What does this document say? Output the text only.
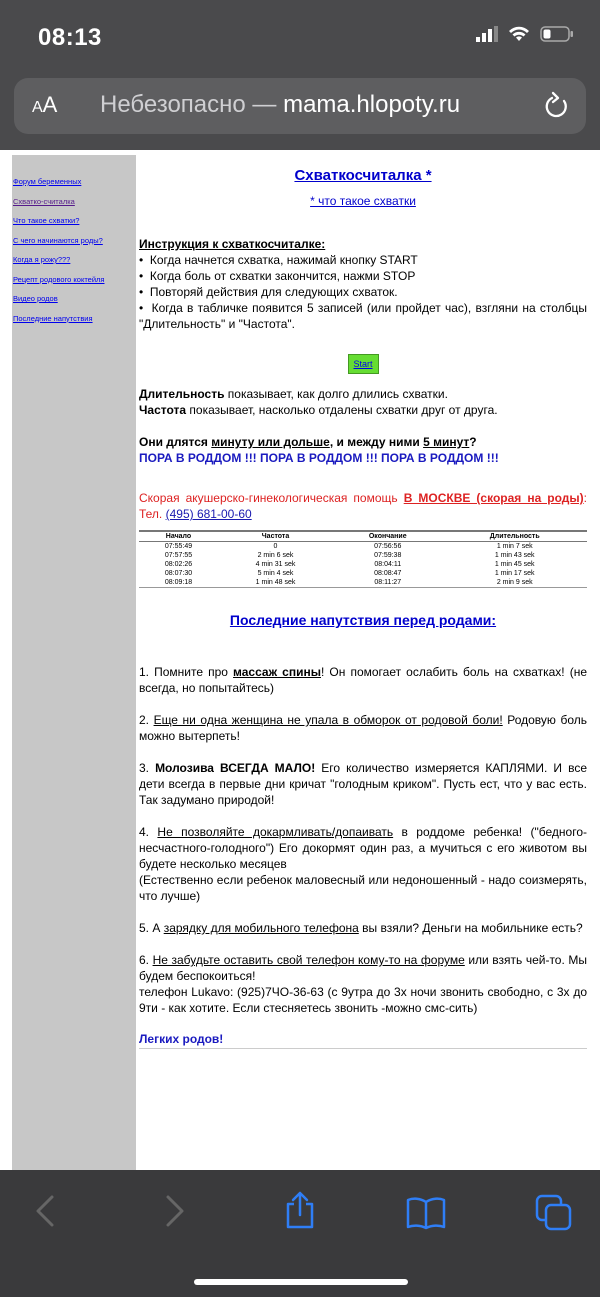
08:13
AA Небезопасно — mama.hlopoty.ru
Форум беременных
Схватко-считалка
Что такое схватки?
С чего начинаются роды?
Когда я рожу???
Рецепт родового коктейля
Видео родов
Последние напутствия
Схваткосчиталка *
* что такое схватки
Инструкция к схваткосчиталке:
•  Когда начнется схватка, нажимай кнопку START
•  Когда боль от схватки закончится, нажми STOP
•  Повторяй действия для следующих схваток.
•  Когда в табличке появится 5 записей (или пройдет час), взгляни на столбцы "Длительность" и "Частота".
Start
Длительность показывает, как долго длились схватки.
Частота показывает, насколько отдалены схватки друг от друга.
Они длятся минуту или дольше, и между ними 5 минут?
ПОРА В РОДДОМ !!! ПОРА В РОДДОМ !!! ПОРА В РОДДОМ !!!
Скорая акушерско-гинекологическая помощь В МОСКВЕ (скорая на роды): Тел. (495) 681-00-60
Начало	Частота	Окончание	Длительность
07:55:49	0	07:56:56	1 min 7 sek
07:57:55	2 min 6 sek	07:59:38	1 min 43 sek
08:02:26	4 min 31 sek	08:04:11	1 min 45 sek
08:07:30	5 min 4 sek	08:08:47	1 min 17 sek
08:09:18	1 min 48 sek	08:11:27	2 min 9 sek
Последние напутствия перед родами:
1. Помните про массаж спины! Он помогает ослабить боль на схватках! (не всегда, но попытайтесь)
2. Еще ни одна женщина не упала в обморок от родовой боли! Родовую боль можно вытерпеть!
3. Молозива ВСЕГДА МАЛО! Его количество измеряется КАПЛЯМИ. И все дети всегда в первые дни кричат "голодным криком". Пусть ест, что у вас есть. Так задумано природой!
4. Не позволяйте докармливать/допаивать в роддоме ребенка! ("бедного-несчастного-голодного") Его докормят один раз, а мучиться с его животом вы будете несколько месяцев
(Естественно если ребенок маловесный или недоношенный - надо соизмерять, что лучше)
5. А зарядку для мобильного телефона вы взяли? Деньги на мобильнике есть?
6. Не забудьте оставить свой телефон кому-то на форуме или взять чей-то. Мы будем беспокоиться!
телефон Lukavo: (925)7ЧО-36-63 (с 9утра до 3х ночи звонить свободно, с 3х до 9ти - как хотите. Если стесняетесь звонить -можно смс-сить)
Легких родов!
